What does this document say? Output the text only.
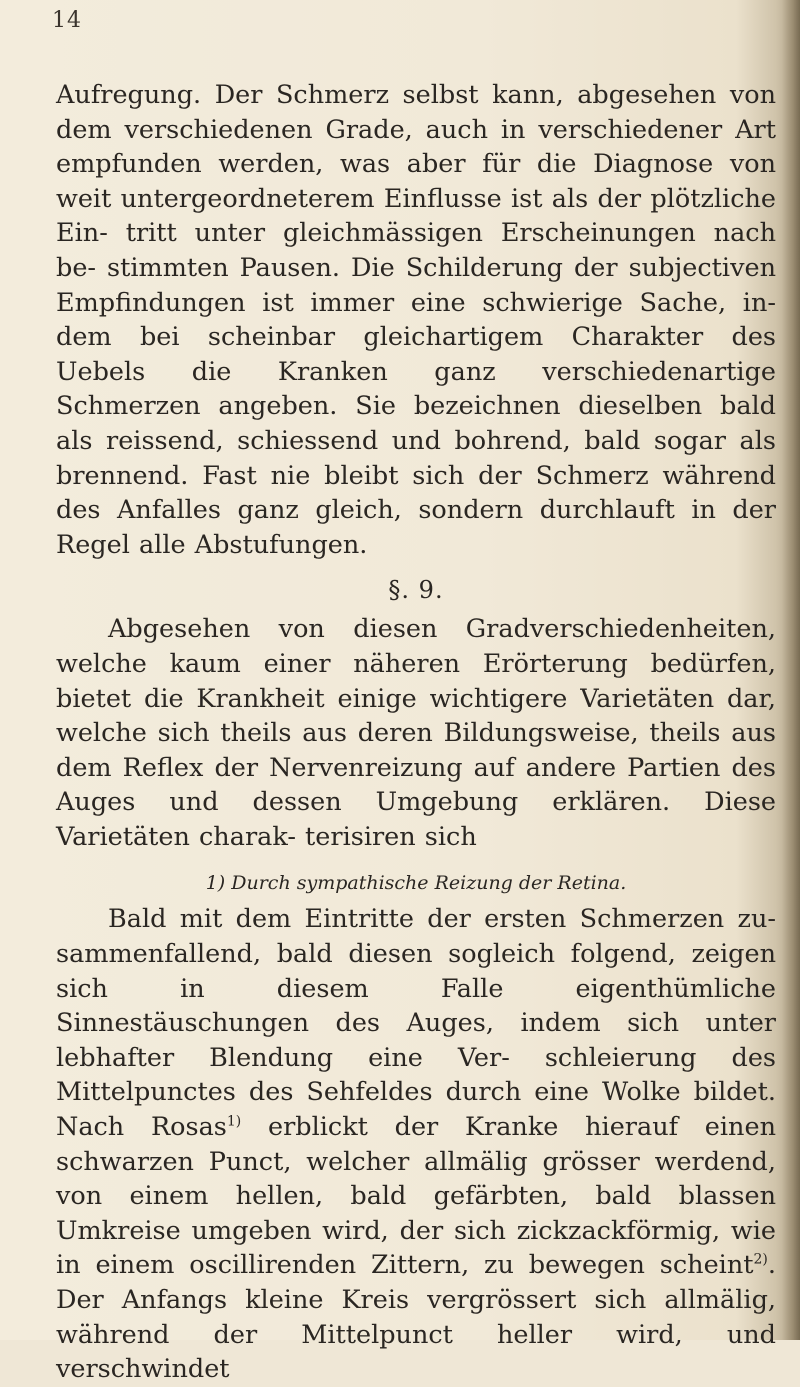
14

Aufregung. Der Schmerz selbst kann, abgesehen von dem verschiedenen Grade, auch in verschiedener Art empfunden werden, was aber für die Diagnose von weit untergeordneterem Einflusse ist als der plötzliche Ein- tritt unter gleichmässigen Erscheinungen nach be- stimmten Pausen. Die Schilderung der subjectiven Empfindungen ist immer eine schwierige Sache, in- dem bei scheinbar gleichartigem Charakter des Uebels die Kranken ganz verschiedenartige Schmerzen angeben. Sie bezeichnen dieselben bald als reissend, schiessend und bohrend, bald sogar als brennend. Fast nie bleibt sich der Schmerz während des Anfalles ganz gleich, sondern durchlauft in der Regel alle Abstufungen.

§. 9.

Abgesehen von diesen Gradverschiedenheiten, welche kaum einer näheren Erörterung bedürfen, bietet die Krankheit einige wichtigere Varietäten dar, welche sich theils aus deren Bildungsweise, theils aus dem Reflex der Nervenreizung auf andere Partien des Auges und dessen Umgebung erklären. Diese Varietäten charak- terisiren sich

1) Durch sympathische Reizung der Retina.

Bald mit dem Eintritte der ersten Schmerzen zu- sammenfallend, bald diesen sogleich folgend, zeigen sich in diesem Falle eigenthümliche Sinnestäuschungen des Auges, indem sich unter lebhafter Blendung eine Ver- schleierung des Mittelpunctes des Sehfeldes durch eine Wolke bildet. Nach Rosas$^{1)}$ erblickt der Kranke hierauf einen schwarzen Punct, welcher allmälig grösser werdend, von einem hellen, bald gefärbten, bald blassen Umkreise umgeben wird, der sich zickzackförmig, wie in einem oscillirenden Zittern, zu bewegen scheint$^{2)}$. Der Anfangs kleine Kreis vergrössert sich allmälig, während der Mittelpunct heller wird, und verschwindet
